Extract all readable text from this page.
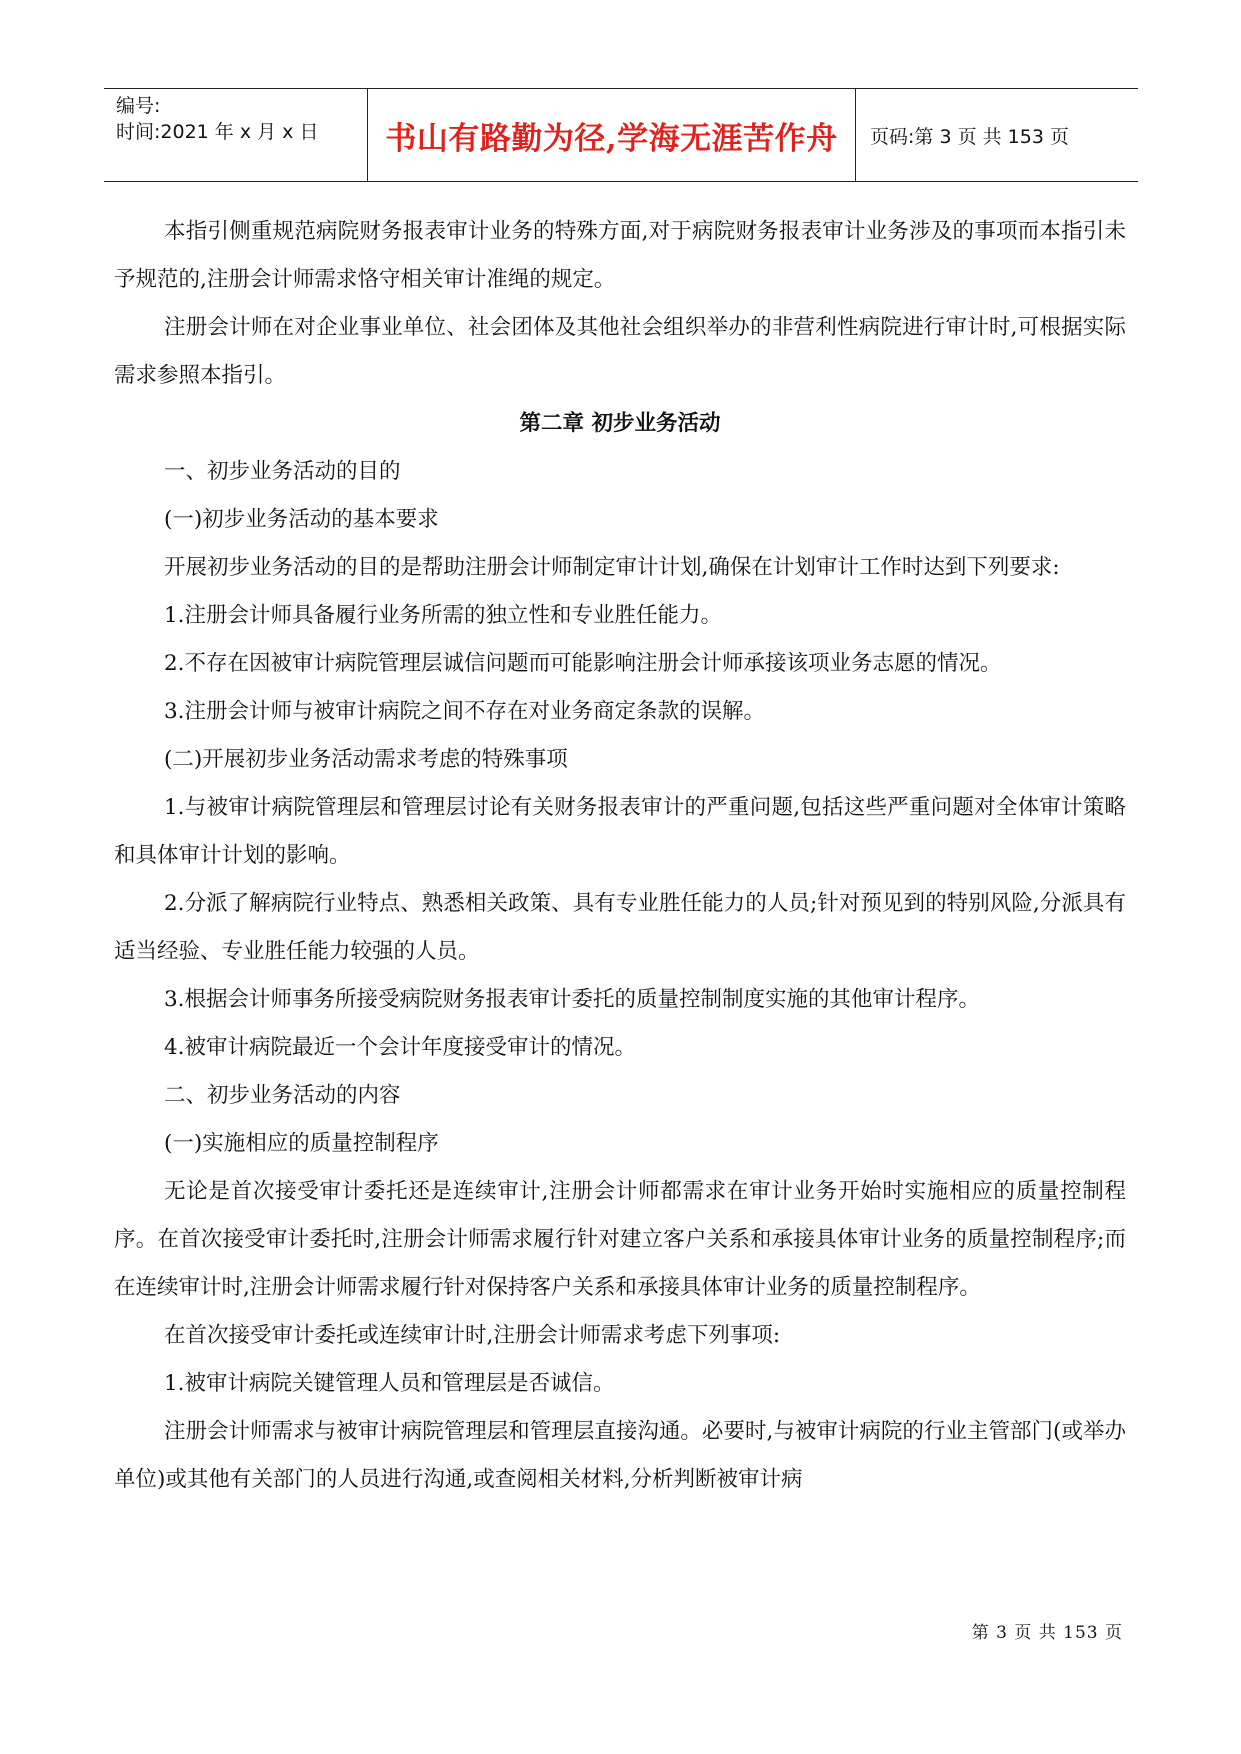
编号:
时间:2021 年 x 月 x 日	书山有路勤为径,学海无涯苦作舟	页码:第 3 页 共 153 页

本指引侧重规范病院财务报表审计业务的特殊方面,对于病院财务报表审计业务涉及的事项而本指引未予规范的,注册会计师需求恪守相关审计准绳的规定。

注册会计师在对企业事业单位、社会团体及其他社会组织举办的非营利性病院进行审计时,可根据实际需求参照本指引。

第二章 初步业务活动

一、初步业务活动的目的

(一)初步业务活动的基本要求

开展初步业务活动的目的是帮助注册会计师制定审计计划,确保在计划审计工作时达到下列要求:

1.注册会计师具备履行业务所需的独立性和专业胜任能力。

2.不存在因被审计病院管理层诚信问题而可能影响注册会计师承接该项业务志愿的情况。

3.注册会计师与被审计病院之间不存在对业务商定条款的误解。

(二)开展初步业务活动需求考虑的特殊事项

1.与被审计病院管理层和管理层讨论有关财务报表审计的严重问题,包括这些严重问题对全体审计策略和具体审计计划的影响。

2.分派了解病院行业特点、熟悉相关政策、具有专业胜任能力的人员;针对预见到的特别风险,分派具有适当经验、专业胜任能力较强的人员。

3.根据会计师事务所接受病院财务报表审计委托的质量控制制度实施的其他审计程序。

4.被审计病院最近一个会计年度接受审计的情况。

二、初步业务活动的内容

(一)实施相应的质量控制程序

无论是首次接受审计委托还是连续审计,注册会计师都需求在审计业务开始时实施相应的质量控制程序。在首次接受审计委托时,注册会计师需求履行针对建立客户关系和承接具体审计业务的质量控制程序;而在连续审计时,注册会计师需求履行针对保持客户关系和承接具体审计业务的质量控制程序。

在首次接受审计委托或连续审计时,注册会计师需求考虑下列事项:

1.被审计病院关键管理人员和管理层是否诚信。

注册会计师需求与被审计病院管理层和管理层直接沟通。必要时,与被审计病院的行业主管部门(或举办单位)或其他有关部门的人员进行沟通,或查阅相关材料,分析判断被审计病

第 3 页 共 153 页
